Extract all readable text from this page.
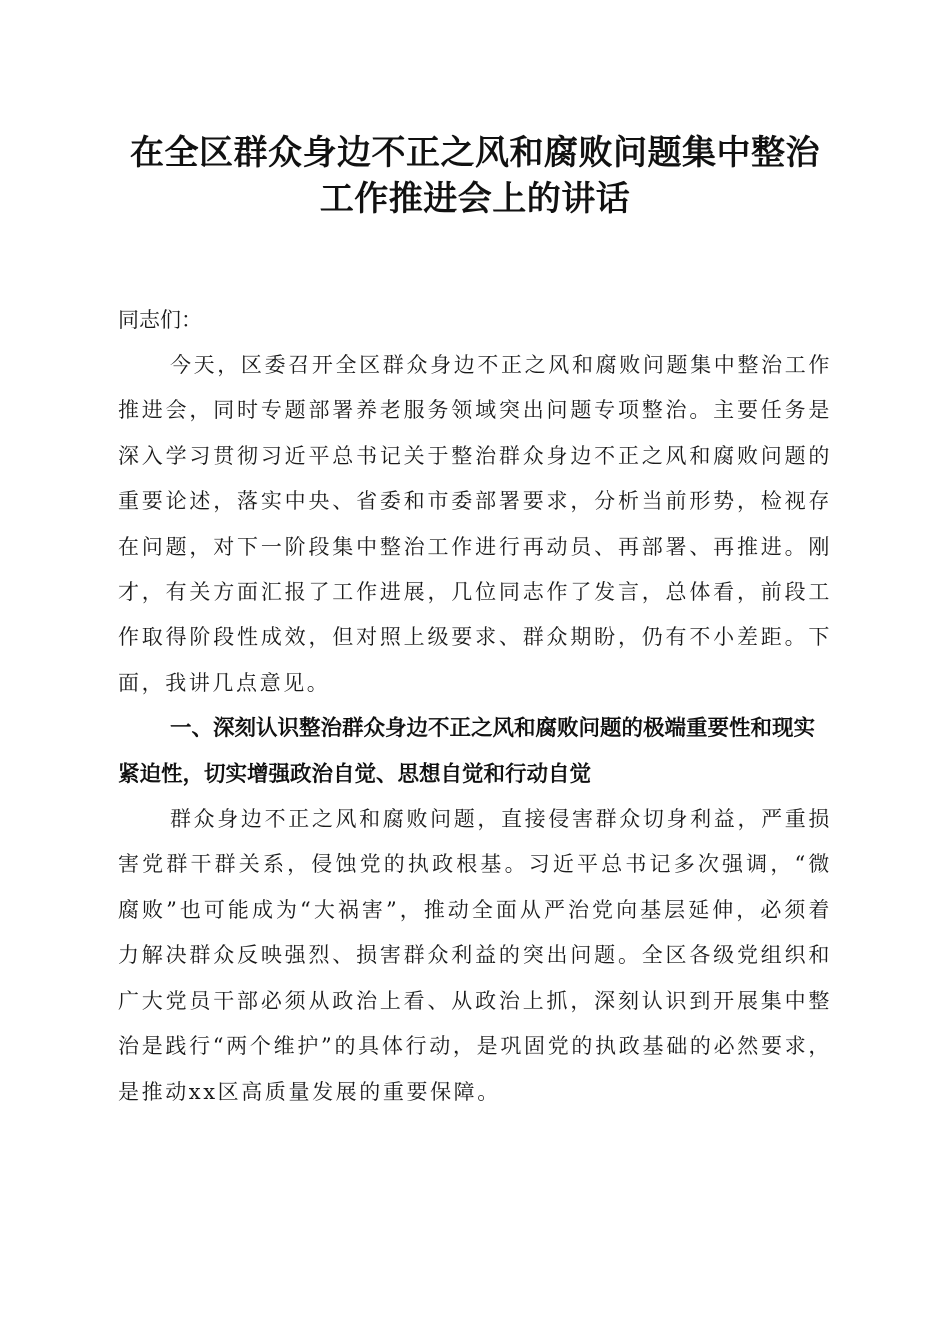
在全区群众身边不正之风和腐败问题集中整治
工作推进会上的讲话

同志们：

今天，区委召开全区群众身边不正之风和腐败问题集中整治工作推进会，同时专题部署养老服务领域突出问题专项整治。主要任务是深入学习贯彻习近平总书记关于整治群众身边不正之风和腐败问题的重要论述，落实中央、省委和市委部署要求，分析当前形势，检视存在问题，对下一阶段集中整治工作进行再动员、再部署、再推进。刚才，有关方面汇报了工作进展，几位同志作了发言，总体看，前段工作取得阶段性成效，但对照上级要求、群众期盼，仍有不小差距。下面，我讲几点意见。

一、深刻认识整治群众身边不正之风和腐败问题的极端重要性和现实紧迫性，切实增强政治自觉、思想自觉和行动自觉

群众身边不正之风和腐败问题，直接侵害群众切身利益，严重损害党群干群关系，侵蚀党的执政根基。习近平总书记多次强调，“微腐败”也可能成为“大祸害”，推动全面从严治党向基层延伸，必须着力解决群众反映强烈、损害群众利益的突出问题。全区各级党组织和广大党员干部必须从政治上看、从政治上抓，深刻认识到开展集中整治是践行“两个维护”的具体行动，是巩固党的执政基础的必然要求，是推动xx区高质量发展的重要保障。
